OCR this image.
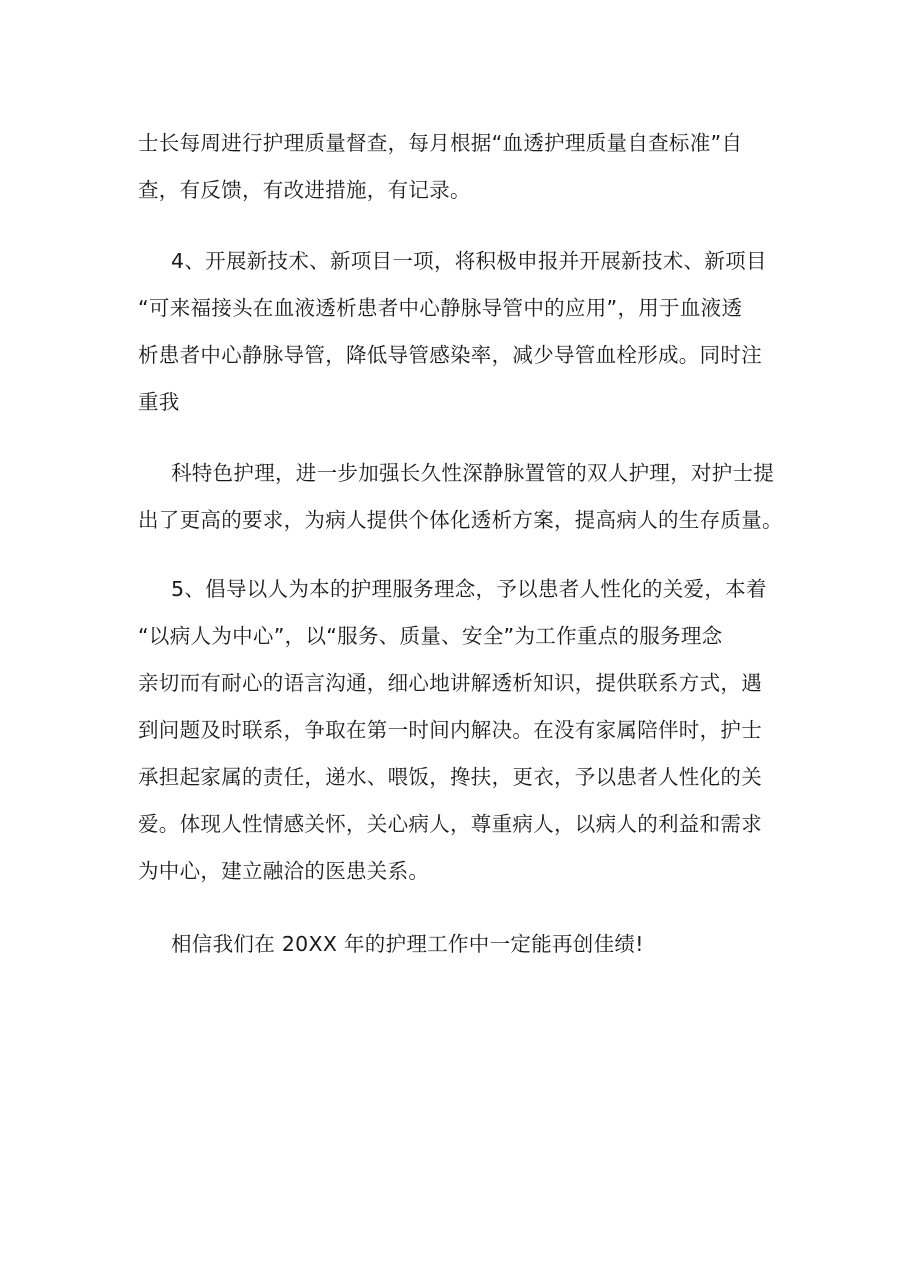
士长每周进行护理质量督查，每月根据“血透护理质量自查标准”自
查，有反馈，有改进措施，有记录。
4、开展新技术、新项目一项，将积极申报并开展新技术、新项目
“可来福接头在血液透析患者中心静脉导管中的应用”，用于血液透
析患者中心静脉导管，降低导管感染率，减少导管血栓形成。同时注
重我
科特色护理，进一步加强长久性深静脉置管的双人护理，对护士提
出了更高的要求，为病人提供个体化透析方案，提高病人的生存质量。
5、倡导以人为本的护理服务理念，予以患者人性化的关爱，本着
“以病人为中心”，以“服务、质量、安全”为工作重点的服务理念
亲切而有耐心的语言沟通，细心地讲解透析知识，提供联系方式，遇
到问题及时联系，争取在第一时间内解决。在没有家属陪伴时，护士
承担起家属的责任，递水、喂饭，搀扶，更衣，予以患者人性化的关
爱。体现人性情感关怀，关心病人，尊重病人，以病人的利益和需求
为中心，建立融洽的医患关系。
相信我们在 20XX 年的护理工作中一定能再创佳绩!
